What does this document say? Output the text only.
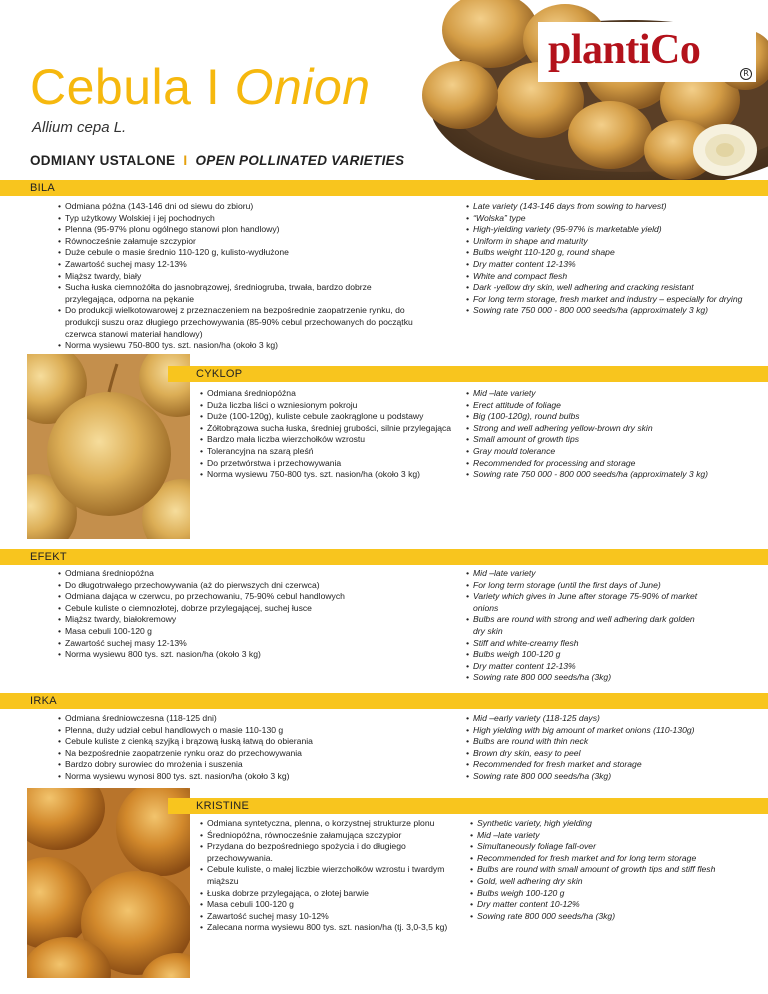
plantiCo
R
Cebula I Onion
Allium cepa L.
ODMIANY USTALONE I OPEN POLLINATED VARIETIES
BILA
• Odmiana późna (143-146 dni od siewu do zbioru)
• Typ użytkowy Wolskiej i jej pochodnych
• Plenna (95-97% plonu ogólnego stanowi plon handlowy)
• Równocześnie załamuje szczypior
• Duże cebule o masie średnio 110-120 g, kulisto-wydłużone
• Zawartość suchej masy 12-13%
• Miąższ twardy, biały
• Sucha łuska ciemnożółta do jasnobrązowej, średniogruba, trwała, bardzo dobrze przylegająca, odporna na pękanie
• Do produkcji wielkotowarowej z przeznaczeniem na bezpośrednie zaopatrzenie rynku, do produkcji suszu oraz długiego przechowywania (85-90% cebul przechowanych do początku czerwca stanowi materiał handlowy)
• Norma wysiewu 750-800 tys. szt. nasion/ha (około 3 kg)
• Late variety (143-146 days from sowing to harvest)
• “Wolska” type
• High-yielding variety (95-97% is marketable yield)
• Uniform in shape and maturity
• Bulbs weight 110-120 g, round shape
• Dry matter content 12-13%
• White and compact flesh
• Dark -yellow dry skin, well adhering and cracking resistant
• For long term storage, fresh market and industry – especially for drying
• Sowing rate 750 000 - 800 000 seeds/ha (approximately 3 kg)
CYKLOP
• Odmiana średniopóźna
• Duża liczba liści o wzniesionym pokroju
• Duże (100-120g), kuliste cebule zaokrąglone u podstawy
• Żółtobrązowa sucha łuska, średniej grubości, silnie przylegająca
• Bardzo mała liczba wierzchołków wzrostu
• Tolerancyjna na szarą pleśń
• Do przetwórstwa i przechowywania
• Norma wysiewu 750-800 tys. szt. nasion/ha (około 3 kg)
• Mid –late variety
• Erect attitude of foliage
• Big (100-120g), round bulbs
• Strong and well adhering yellow-brown dry skin
• Small amount of growth tips
• Gray mould tolerance
• Recommended for processing and storage
• Sowing rate 750 000 - 800 000 seeds/ha (approximately 3 kg)
EFEKT
• Odmiana średniopóźna
• Do długotrwałego przechowywania (aż do pierwszych dni czerwca)
• Odmiana dająca w czerwcu, po przechowaniu, 75-90% cebul handlowych
• Cebule kuliste o ciemnozłotej, dobrze przylegającej, suchej łusce
• Miąższ twardy, białokremowy
• Masa cebuli 100-120 g
• Zawartość suchej masy 12-13%
• Norma wysiewu 800 tys. szt. nasion/ha (około 3 kg)
• Mid –late variety
• For long term storage (until the first days of June)
• Variety which gives in June after storage 75-90% of market onions
• Bulbs are round with strong and well adhering dark golden dry skin
• Stiff and white-creamy flesh
• Bulbs weigh 100-120 g
• Dry matter content 12-13%
• Sowing rate 800 000 seeds/ha (3kg)
IRKA
• Odmiana średniowczesna (118-125 dni)
• Plenna, duży udział cebul handlowych o masie 110-130 g
• Cebule kuliste z cienką szyjką i brązową łuską łatwą do obierania
• Na bezpośrednie zaopatrzenie rynku oraz do przechowywania
• Bardzo dobry surowiec do mrożenia i suszenia
• Norma wysiewu wynosi 800 tys. szt. nasion/ha (około 3 kg)
• Mid –early variety (118-125 days)
• High yielding with big amount of market onions (110-130g)
• Bulbs are round with thin neck
• Brown dry skin, easy to peel
• Recommended for fresh market and storage
• Sowing rate 800 000 seeds/ha (3kg)
KRISTINE
• Odmiana syntetyczna, plenna, o korzystnej strukturze plonu
• Średniopóźna, równocześnie załamująca szczypior
• Przydana do bezpośredniego spożycia i do długiego przechowywania.
• Cebule kuliste, o małej liczbie wierzchołków wzrostu i twardym miąższu
• Łuska dobrze przylegająca, o złotej barwie
• Masa cebuli 100-120 g
• Zawartość suchej masy 10-12%
• Zalecana norma wysiewu 800 tys. szt. nasion/ha (tj. 3,0-3,5 kg)
• Synthetic variety, high yielding
• Mid –late variety
• Simultaneously foliage fall-over
• Recommended for fresh market and for long term storage
• Bulbs are round with small amount of growth tips and stiff flesh
• Gold, well adhering dry skin
• Bulbs weigh 100-120 g
• Dry matter content 10-12%
• Sowing rate 800 000 seeds/ha (3kg)
